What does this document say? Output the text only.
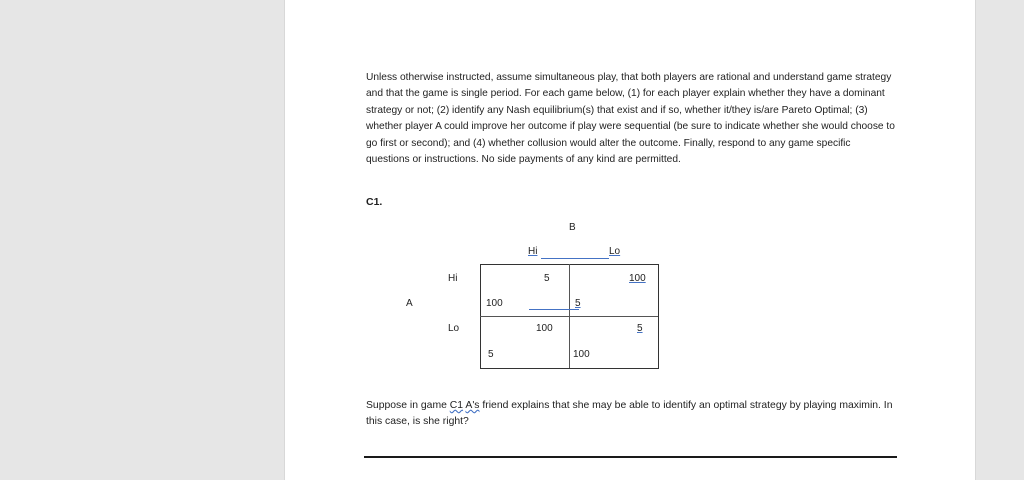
Unless otherwise instructed, assume simultaneous play, that both players are rational and understand game strategy and that the game is single period. For each game below, (1) for each player explain whether they have a dominant strategy or not; (2) identify any Nash equilibrium(s) that exist and if so, whether it/they is/are Pareto Optimal; (3) whether player A could improve her outcome if play were sequential (be sure to indicate whether she would choose to go first or second); and (4) whether collusion would alter the outcome. Finally, respond to any game specific questions or instructions. No side payments of any kind are permitted.

C1.
B
Hi	Lo
A
Hi
Lo
5
100
100
5
100
5
5
100

Suppose in game C1 A's friend explains that she may be able to identify an optimal strategy by playing maximin. In this case, is she right?
